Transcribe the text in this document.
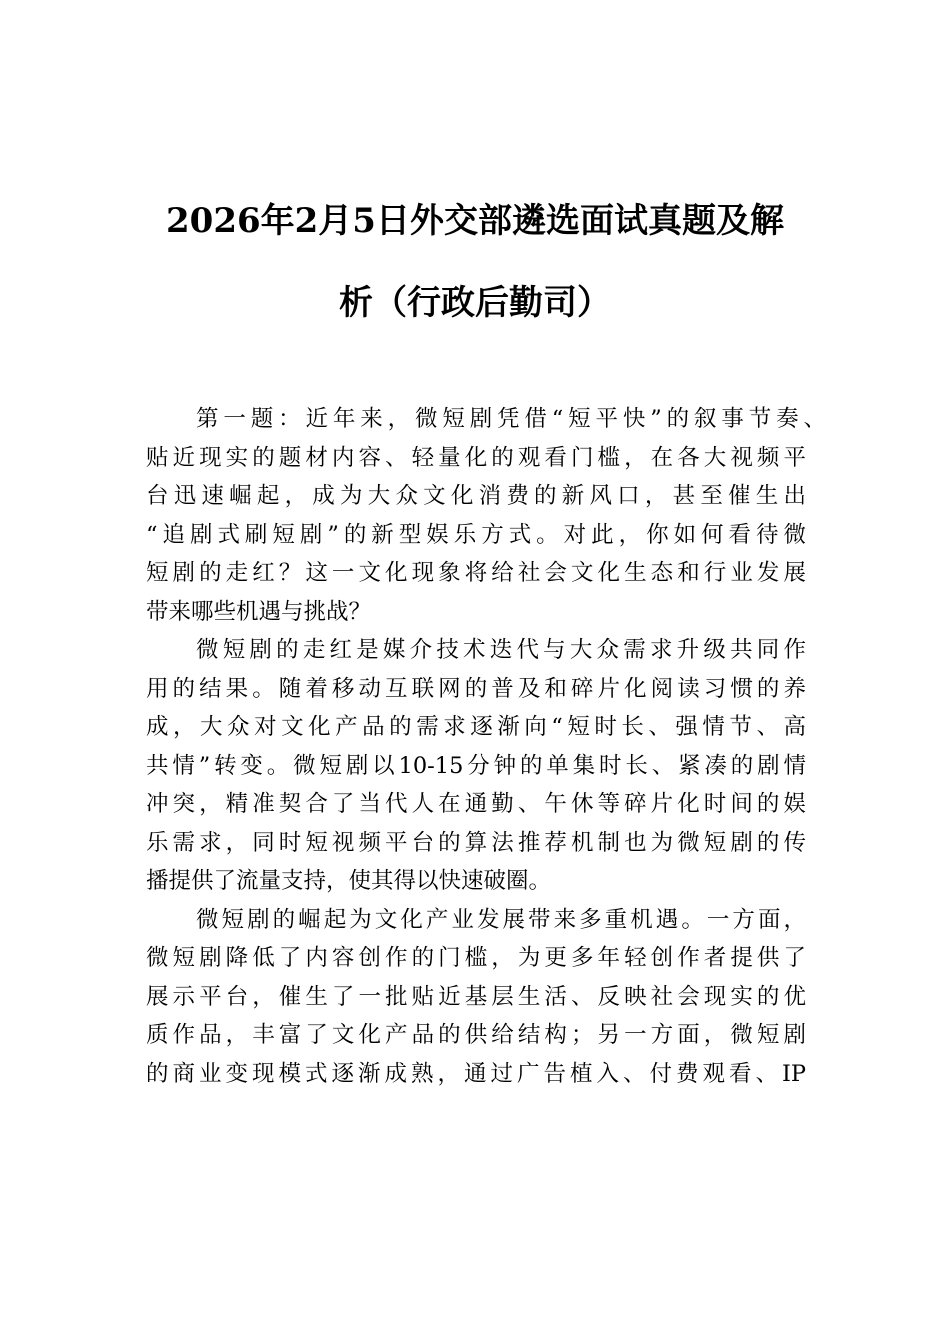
2026年2月5日外交部遴选面试真题及解
析（行政后勤司）
第一题：近年来，微短剧凭借“短平快”的叙事节奏、
贴近现实的题材内容、轻量化的观看门槛，在各大视频平
台迅速崛起，成为大众文化消费的新风口，甚至催生出
“追剧式刷短剧”的新型娱乐方式。对此，你如何看待微
短剧的走红？这一文化现象将给社会文化生态和行业发展
带来哪些机遇与挑战？
微短剧的走红是媒介技术迭代与大众需求升级共同作
用的结果。随着移动互联网的普及和碎片化阅读习惯的养
成，大众对文化产品的需求逐渐向“短时长、强情节、高
共情”转变。微短剧以10-15分钟的单集时长、紧凑的剧情
冲突，精准契合了当代人在通勤、午休等碎片化时间的娱
乐需求，同时短视频平台的算法推荐机制也为微短剧的传
播提供了流量支持，使其得以快速破圈。
微短剧的崛起为文化产业发展带来多重机遇。一方面，
微短剧降低了内容创作的门槛，为更多年轻创作者提供了
展示平台，催生了一批贴近基层生活、反映社会现实的优
质作品，丰富了文化产品的供给结构；另一方面，微短剧
的商业变现模式逐渐成熟，通过广告植入、付费观看、IP
